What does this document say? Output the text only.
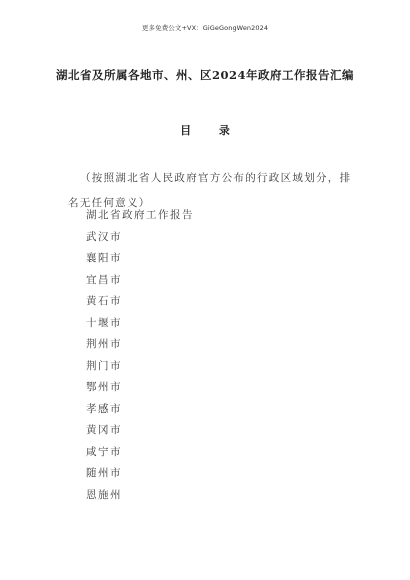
更多免费公文+VX：GiGeGongWen2024
湖北省及所属各地市、州、区2024年政府工作报告汇编
目 录
（按照湖北省人民政府官方公布的行政区域划分，排名无任何意义）
湖北省政府工作报告
武汉市
襄阳市
宜昌市
黄石市
十堰市
荆州市
荆门市
鄂州市
孝感市
黄冈市
咸宁市
随州市
恩施州
